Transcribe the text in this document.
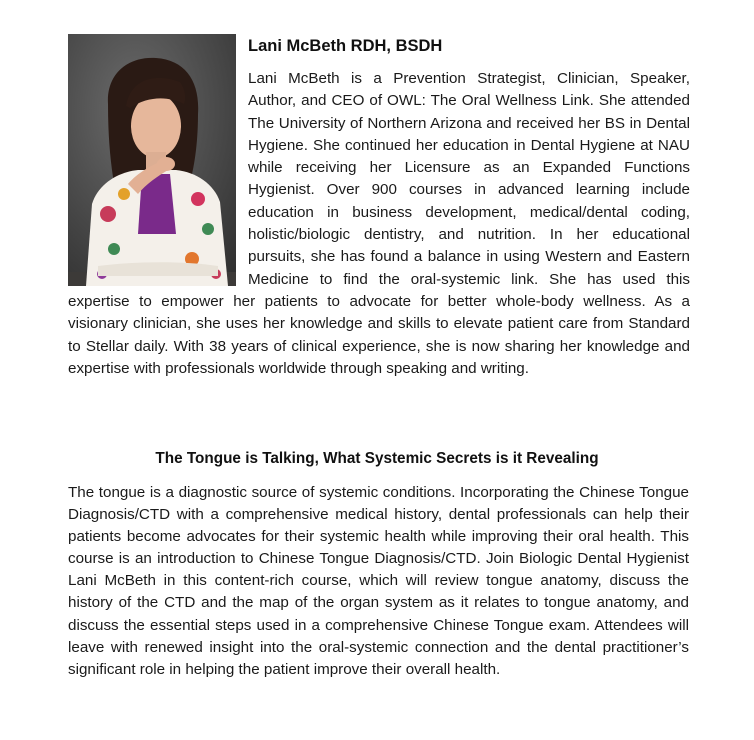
Lani McBeth RDH, BSDH
Lani McBeth is a Prevention Strategist, Clinician, Speaker, Author, and CEO of OWL: The Oral Wellness Link. She attended The University of Northern Arizona and received her BS in Dental Hygiene. She continued her education in Dental Hygiene at NAU while receiving her Licensure as an Expanded Functions Hygienist. Over 900 courses in advanced learning include education in business development, medical/dental coding, holistic/biologic dentistry, and nutrition. In her educational pursuits, she has found a balance in using Western and Eastern Medicine to find the oral-systemic link. She has used this expertise to empower her patients to advocate for better whole-body wellness. As a visionary clinician, she uses her knowledge and skills to elevate patient care from Standard to Stellar daily. With 38 years of clinical experience, she is now sharing her knowledge and expertise with professionals worldwide through speaking and writing.
The Tongue is Talking, What Systemic Secrets is it Revealing
The tongue is a diagnostic source of systemic conditions. Incorporating the Chinese Tongue Diagnosis/CTD with a comprehensive medical history, dental professionals can help their patients become advocates for their systemic health while improving their oral health. This course is an introduction to Chinese Tongue Diagnosis/CTD. Join Biologic Dental Hygienist Lani McBeth in this content-rich course, which will review tongue anatomy, discuss the history of the CTD and the map of the organ system as it relates to tongue anatomy, and discuss the essential steps used in a comprehensive Chinese Tongue exam. Attendees will leave with renewed insight into the oral-systemic connection and the dental practitioner’s significant role in helping the patient improve their overall health.
